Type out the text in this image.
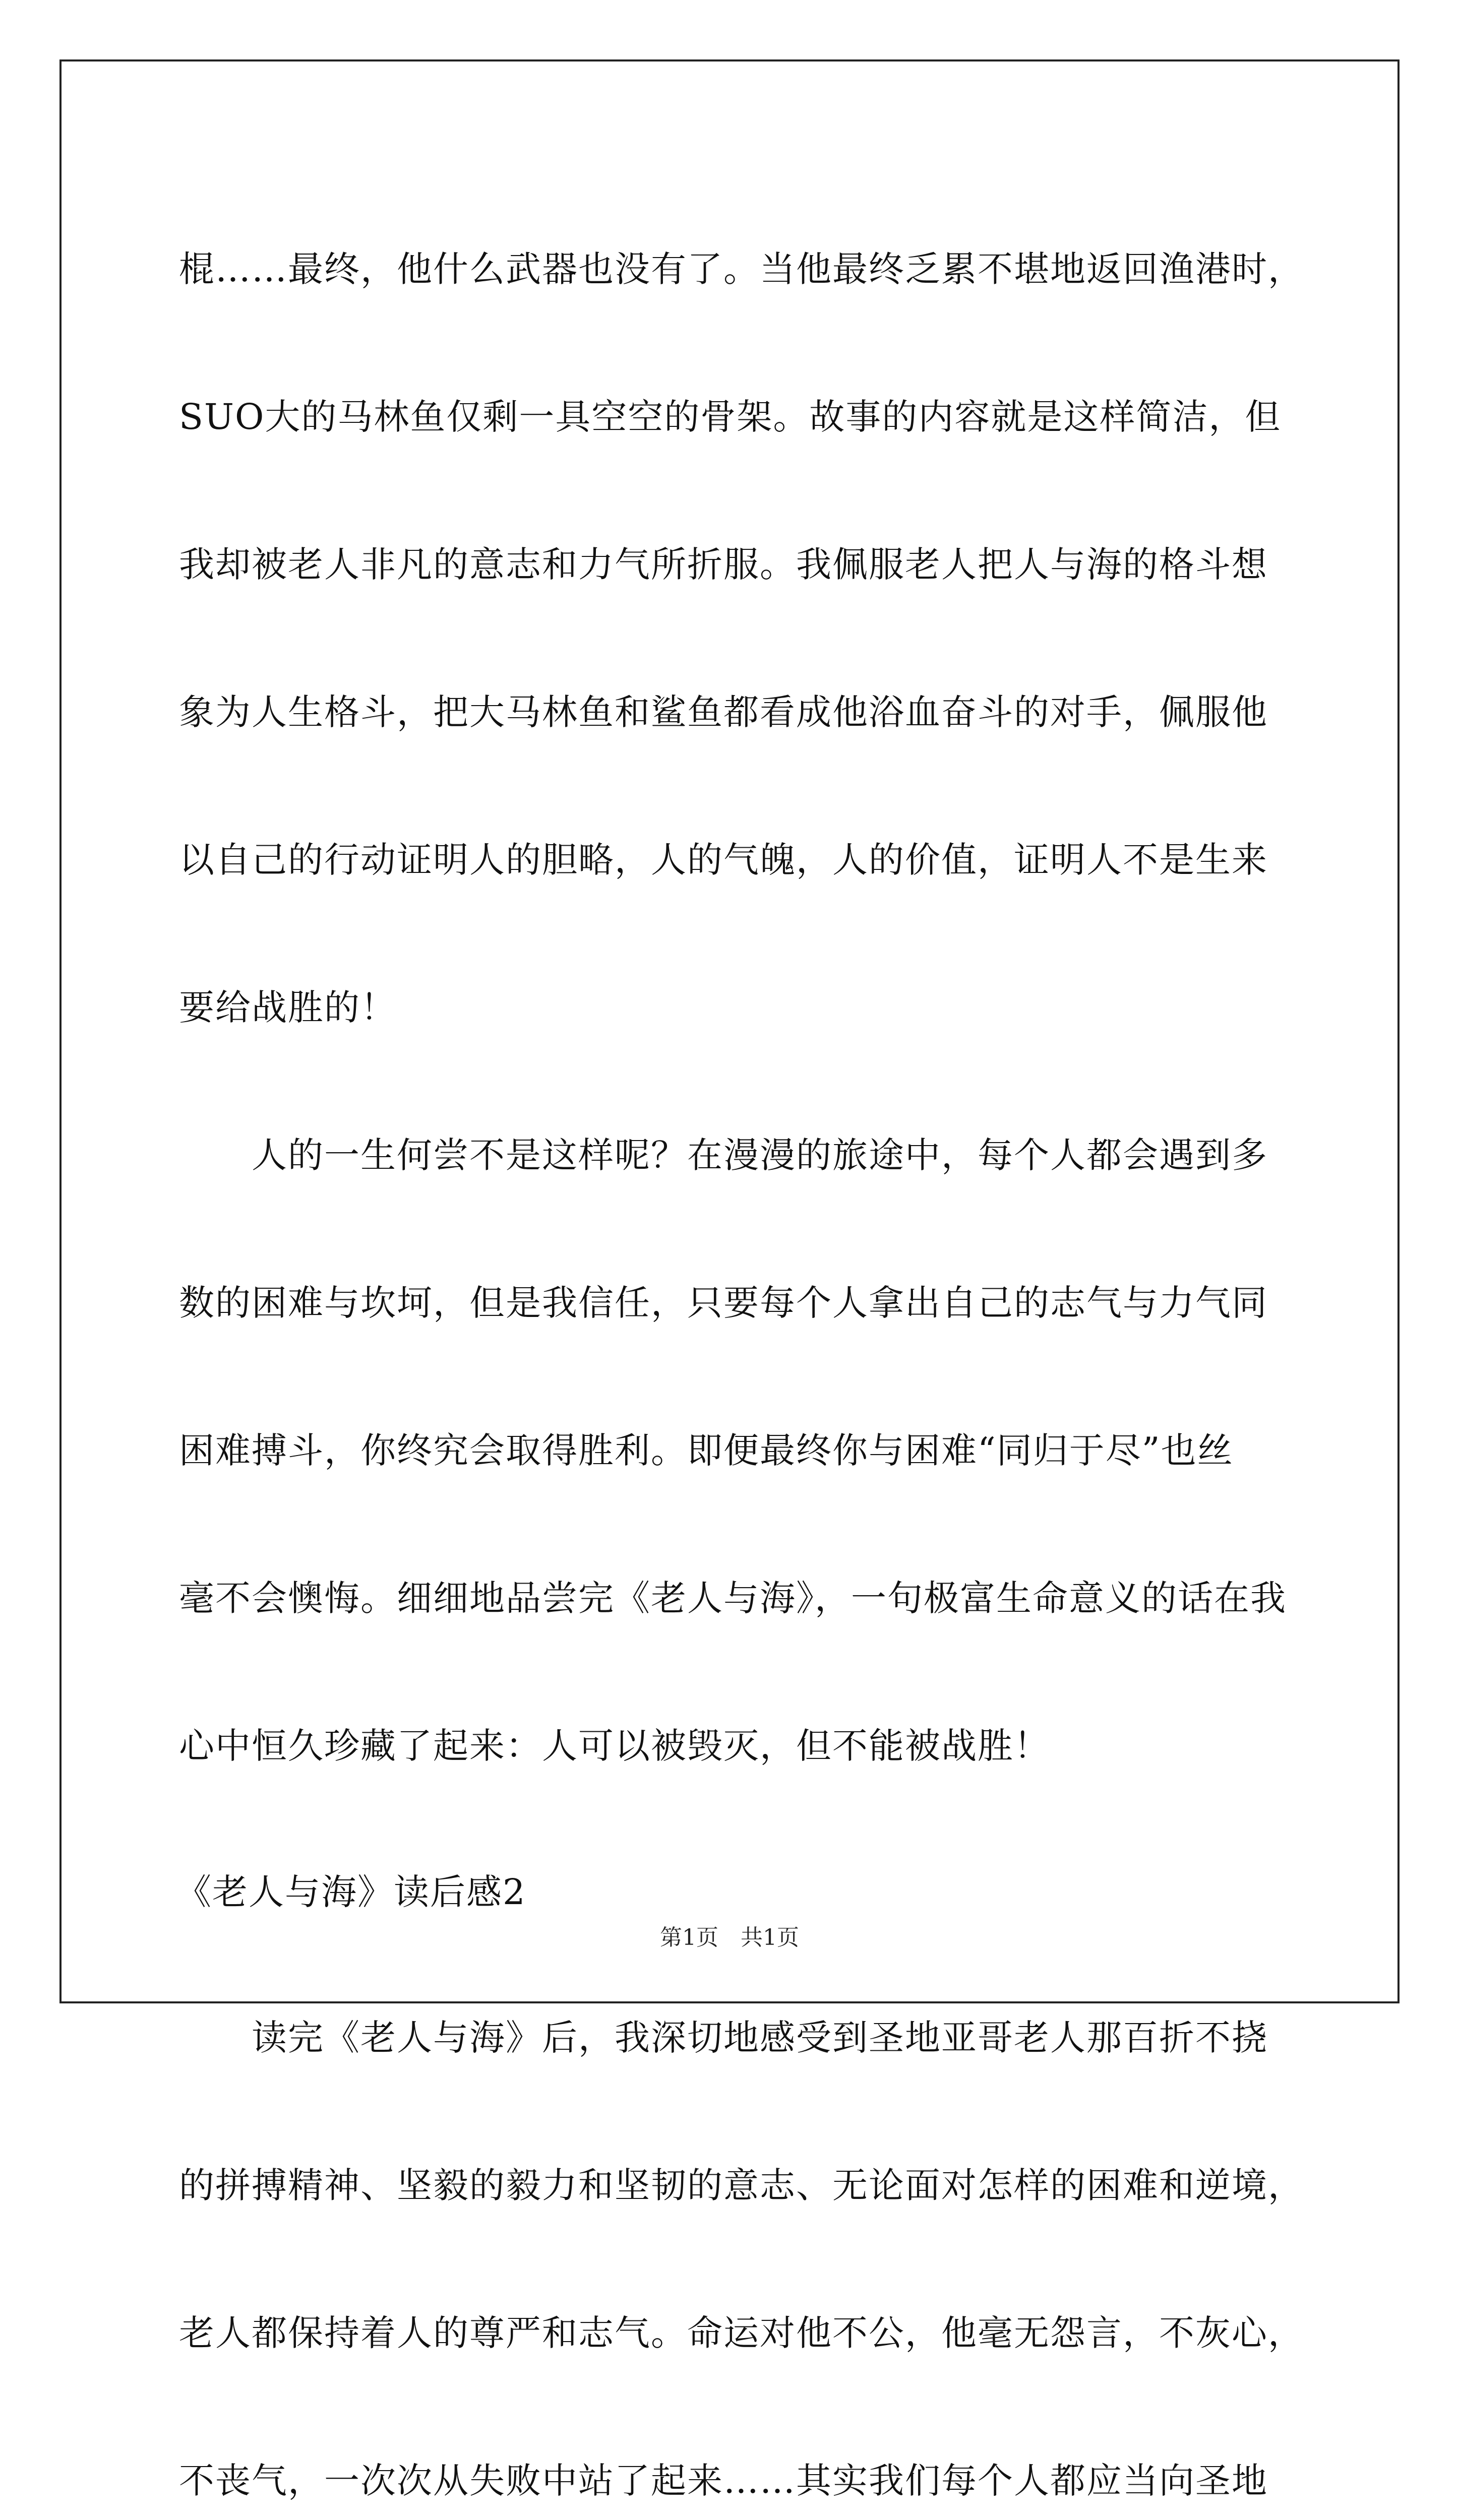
棍……最终，他什么武器也没有了。当他最终乏累不堪地返回渔港时，
SUO大的马林鱼仅剩一具空空的骨架。故事的内容就是这样简洁，但
我却被老人非凡的意志和力气所折服。我佩服老人把人与海的格斗想
象为人生格斗，把大马林鱼和鲨鱼都看成他浴血奋斗的对手，佩服他
以自己的行动证明人的胆略，人的气魄，人的价值，证明人不是生来
要给战胜的！
　　人的一生何尝不是这样呢？在漫漫的旅途中，每个人都会遇到多
数的困难与坎坷，但是我信任，只要每个人拿出自己的志气与力气同
困难搏斗，你终究会取得胜利。即便最终你与困难“同归于尽”也丝
毫不会懊悔。细细地品尝完《老人与海》，一句极富生命意义的话在我
心中恒久珍藏了起来：人可以被毁灭，但不能被战胜！
《老人与海》读后感2
　　读完《老人与海》后，我深切地感受到圣地亚哥老人那百折不挠
的拼搏精神、坚毅的毅力和坚韧的意志、无论面对怎样的困难和逆境，
老人都保持着人的尊严和志气。命运对他不公，他毫无怨言，不灰心，
不丧气，一次次从失败中站了起来……其实我们每个人都应当向圣地
第1页　共1页
